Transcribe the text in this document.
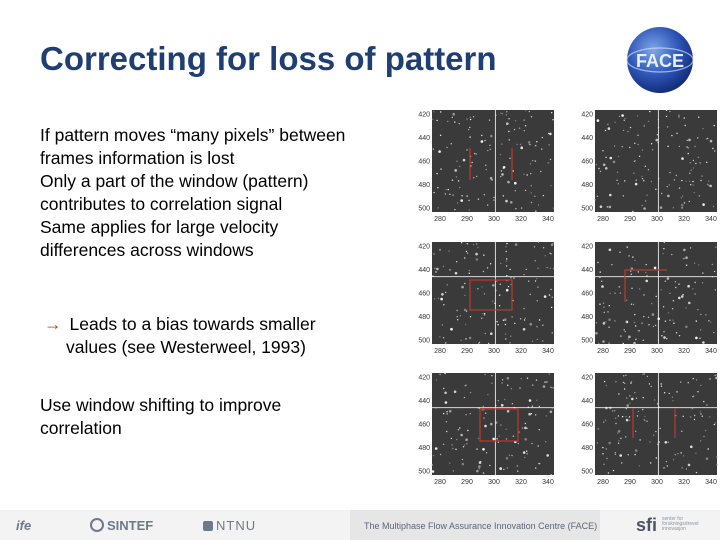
Correcting for loss of pattern	FACE
If pattern moves “many pixels” between
frames information is lost
Only a part of the window (pattern)
contributes to correlation signal
Same applies for large velocity
differences across windows
→ Leads to a bias towards smaller
values (see Westerweel, 1993)
Use window shifting to improve
correlation
420
440
460
480
500
280 290 300 320 340
420
440
460
480
500
280 290 300 320 340
420
440
460
480
500
280 290 300 320 340
420
440
460
480
500
280 290 300 320 340
420
440
460
480
500
280 290 300 320 340
420
440
460
480
500
280 290 300 320 340
ife	SINTEF	NTNU	The Multiphase Flow Assurance Innovation Centre (FACE) sfi senter for forskningsdrevet innovasjon
